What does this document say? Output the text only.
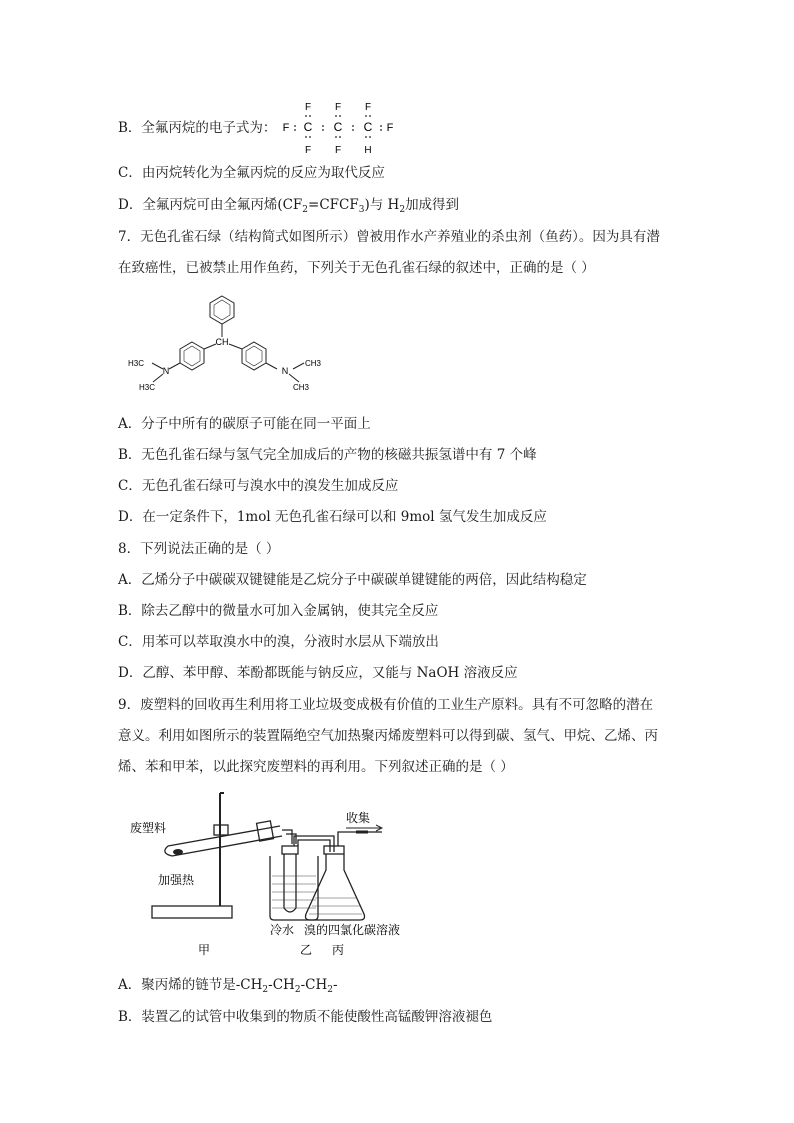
B．全氟丙烷的电子式为：
F F F
F C C C F
F F H
C．由丙烷转化为全氟丙烷的反应为取代反应
D．全氟丙烷可由全氟丙烯$(CF_2=CFCF_3)$与 $H_2$加成得到
7．无色孔雀石绿（结构简式如图所示）曾被用作水产养殖业的杀虫剂（鱼药）。因为具有潜
在致癌性，已被禁止用作鱼药，下列关于无色孔雀石绿的叙述中，正确的是（ ）
CH
N	N
H3C
H3C
CH3
CH3
A．分子中所有的碳原子可能在同一平面上
B．无色孔雀石绿与氢气完全加成后的产物的核磁共振氢谱中有 7 个峰
C．无色孔雀石绿可与溴水中的溴发生加成反应
D．在一定条件下，1mol 无色孔雀石绿可以和 9mol 氢气发生加成反应
8．下列说法正确的是（ ）
A．乙烯分子中碳碳双键键能是乙烷分子中碳碳单键键能的两倍，因此结构稳定
B．除去乙醇中的微量水可加入金属钠，使其完全反应
C．用苯可以萃取溴水中的溴，分液时水层从下端放出
D．乙醇、苯甲醇、苯酚都既能与钠反应，又能与 NaOH 溶液反应
9．废塑料的回收再生利用将工业垃圾变成极有价值的工业生产原料。具有不可忽略的潜在
意义。利用如图所示的装置隔绝空气加热聚丙烯废塑料可以得到碳、氢气、甲烷、乙烯、丙
烯、苯和甲苯，以此探究废塑料的再利用。下列叙述正确的是（ ）
废塑料
加强热
收集
冷水 溴的四氯化碳溶液
甲	乙 丙
A．聚丙烯的链节是$-CH_2-CH_2-CH_2-$
B．装置乙的试管中收集到的物质不能使酸性高锰酸钾溶液褪色
